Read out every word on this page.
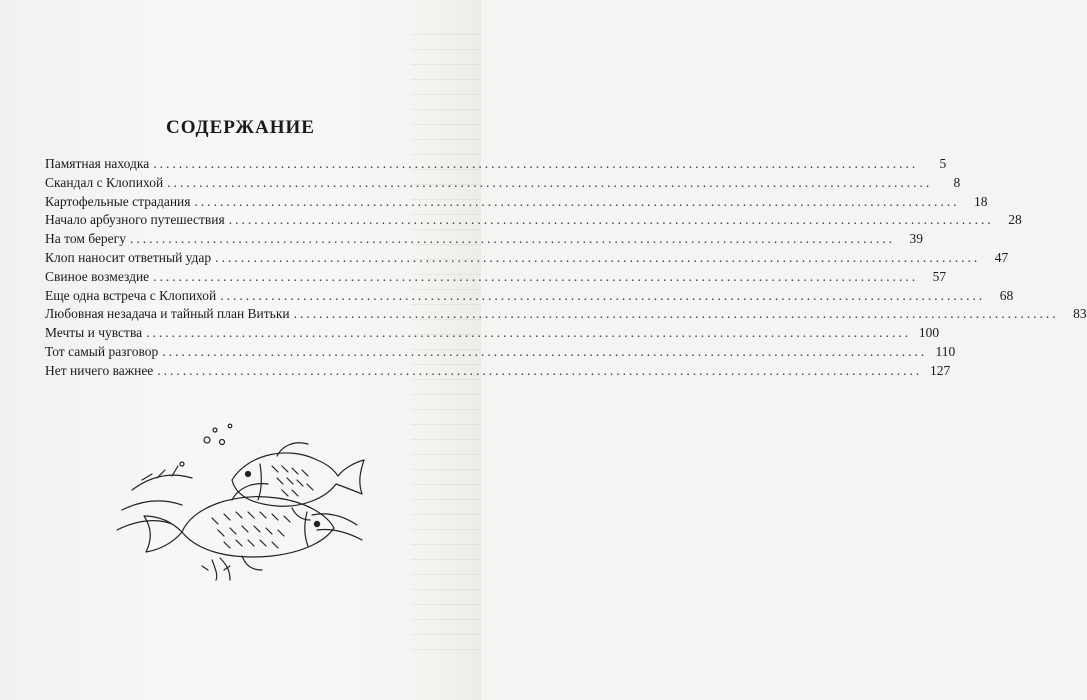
СОДЕРЖАНИЕ
Памятная находка ........................................................................................................................	5
Скандал с Клопихой ........................................................................................................................	8
Картофельные страдания ........................................................................................................................	18
Начало арбузного путешествия ........................................................................................................................	28
На том берегу ........................................................................................................................	39
Клоп наносит ответный удар ........................................................................................................................	47
Свиное возмездие ........................................................................................................................	57
Еще одна встреча с Клопихой ........................................................................................................................	68
Любовная незадача и тайный план Витьки ........................................................................................................................	83
Мечты и чувства ........................................................................................................................ 100
Тот самый разговор ........................................................................................................................ 110
Нет ничего важнее ........................................................................................................................ 127
